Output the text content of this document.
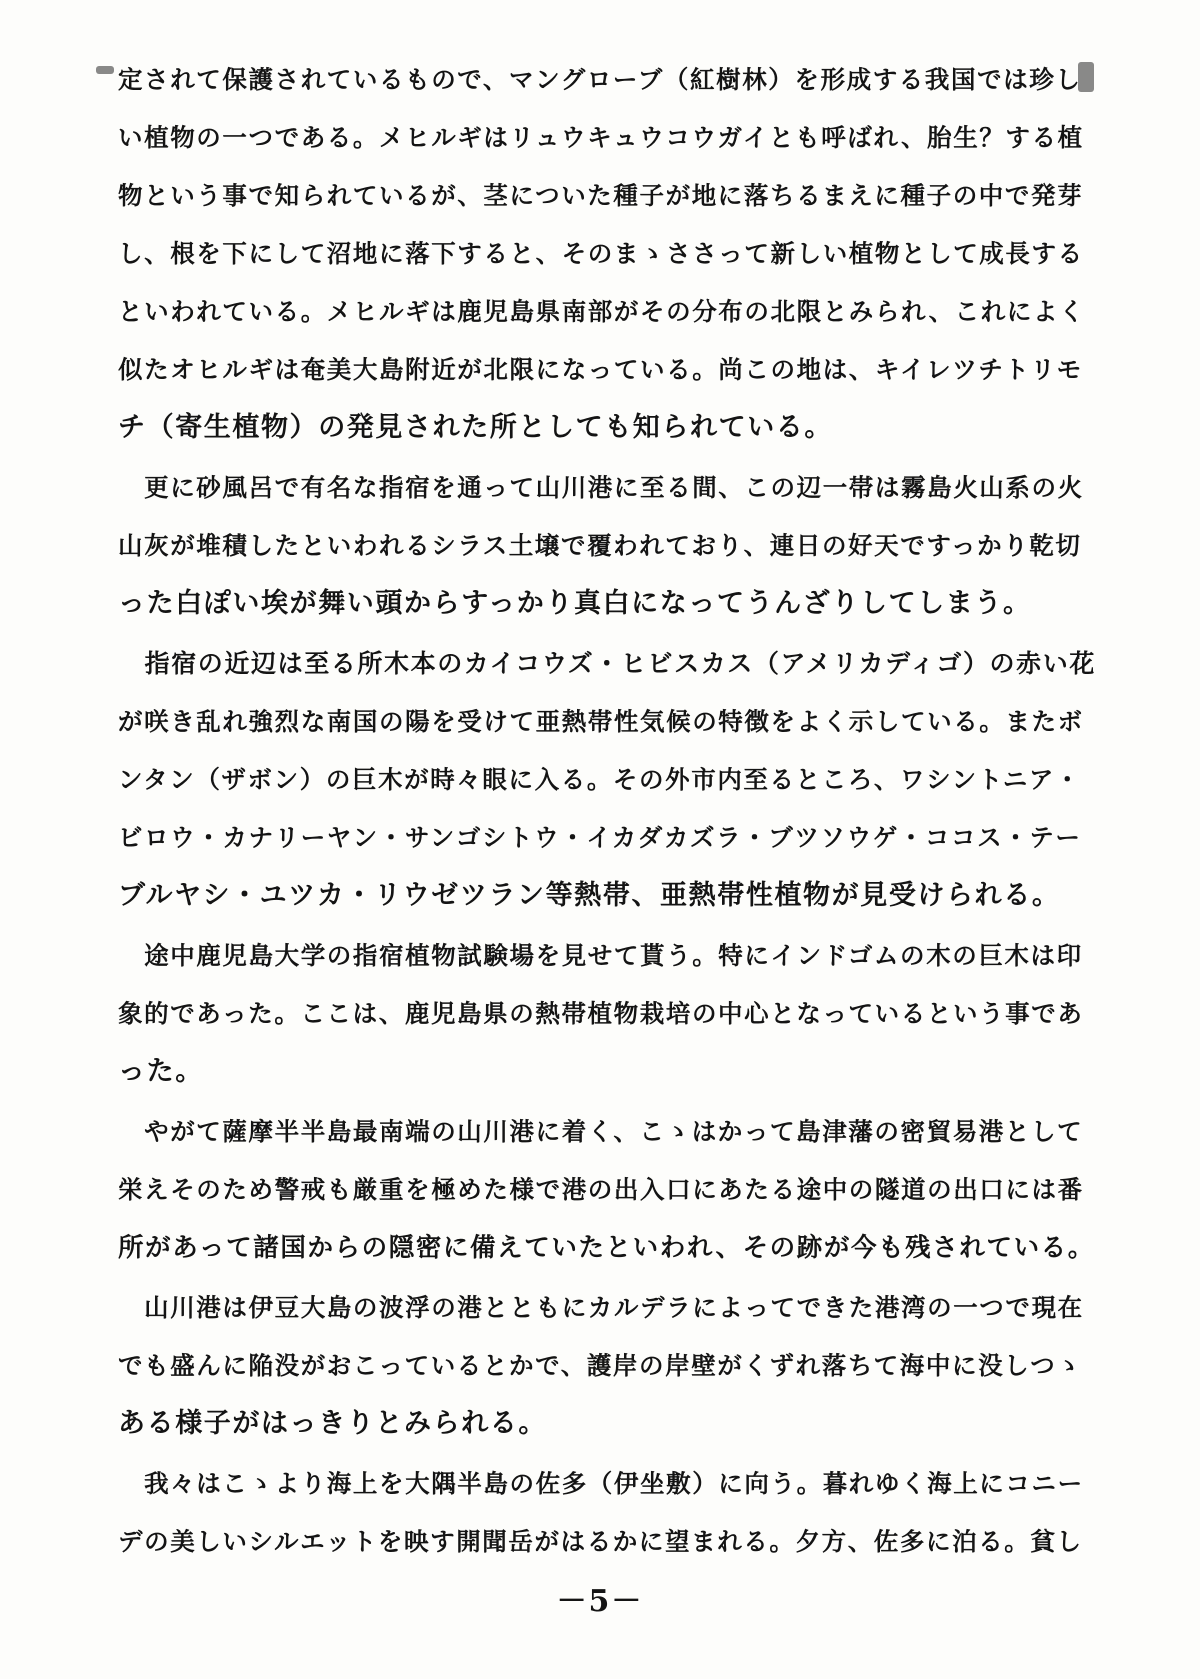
定されて保護されているもので、マングローブ（紅樹林）を形成する我国では珍し
い植物の一つである。メヒルギはリュウキュウコウガイとも呼ばれ、胎生？する植
物という事で知られているが、茎についた種子が地に落ちるまえに種子の中で発芽
し、根を下にして沼地に落下すると、そのまゝささって新しい植物として成長する
といわれている。メヒルギは鹿児島県南部がその分布の北限とみられ、これによく
似たオヒルギは奄美大島附近が北限になっている。尚この地は、キイレツチトリモ
チ（寄生植物）の発見された所としても知られている。
　更に砂風呂で有名な指宿を通って山川港に至る間、この辺一帯は霧島火山系の火
山灰が堆積したといわれるシラス土壌で覆われており、連日の好天ですっかり乾切
った白ぽい埃が舞い頭からすっかり真白になってうんざりしてしまう。
　指宿の近辺は至る所木本のカイコウズ・ヒビスカス（アメリカディゴ）の赤い花
が咲き乱れ強烈な南国の陽を受けて亜熱帯性気候の特徴をよく示している。またボ
ンタン（ザボン）の巨木が時々眼に入る。その外市内至るところ、ワシントニア・
ビロウ・カナリーヤン・サンゴシトウ・イカダカズラ・ブツソウゲ・ココス・テー
ブルヤシ・ユツカ・リウゼツラン等熱帯、亜熱帯性植物が見受けられる。
　途中鹿児島大学の指宿植物試験場を見せて貰う。特にインドゴムの木の巨木は印
象的であった。ここは、鹿児島県の熱帯植物栽培の中心となっているという事であ
った。
　やがて薩摩半半島最南端の山川港に着く、こゝはかって島津藩の密貿易港として
栄えそのため警戒も厳重を極めた様で港の出入口にあたる途中の隧道の出口には番
所があって諸国からの隠密に備えていたといわれ、その跡が今も残されている。
　山川港は伊豆大島の波浮の港とともにカルデラによってできた港湾の一つで現在
でも盛んに陥没がおこっているとかで、護岸の岸壁がくずれ落ちて海中に没しつゝ
ある様子がはっきりとみられる。
　我々はこゝより海上を大隅半島の佐多（伊坐敷）に向う。暮れゆく海上にコニー
デの美しいシルエットを映す開聞岳がはるかに望まれる。夕方、佐多に泊る。貧し
－5－
